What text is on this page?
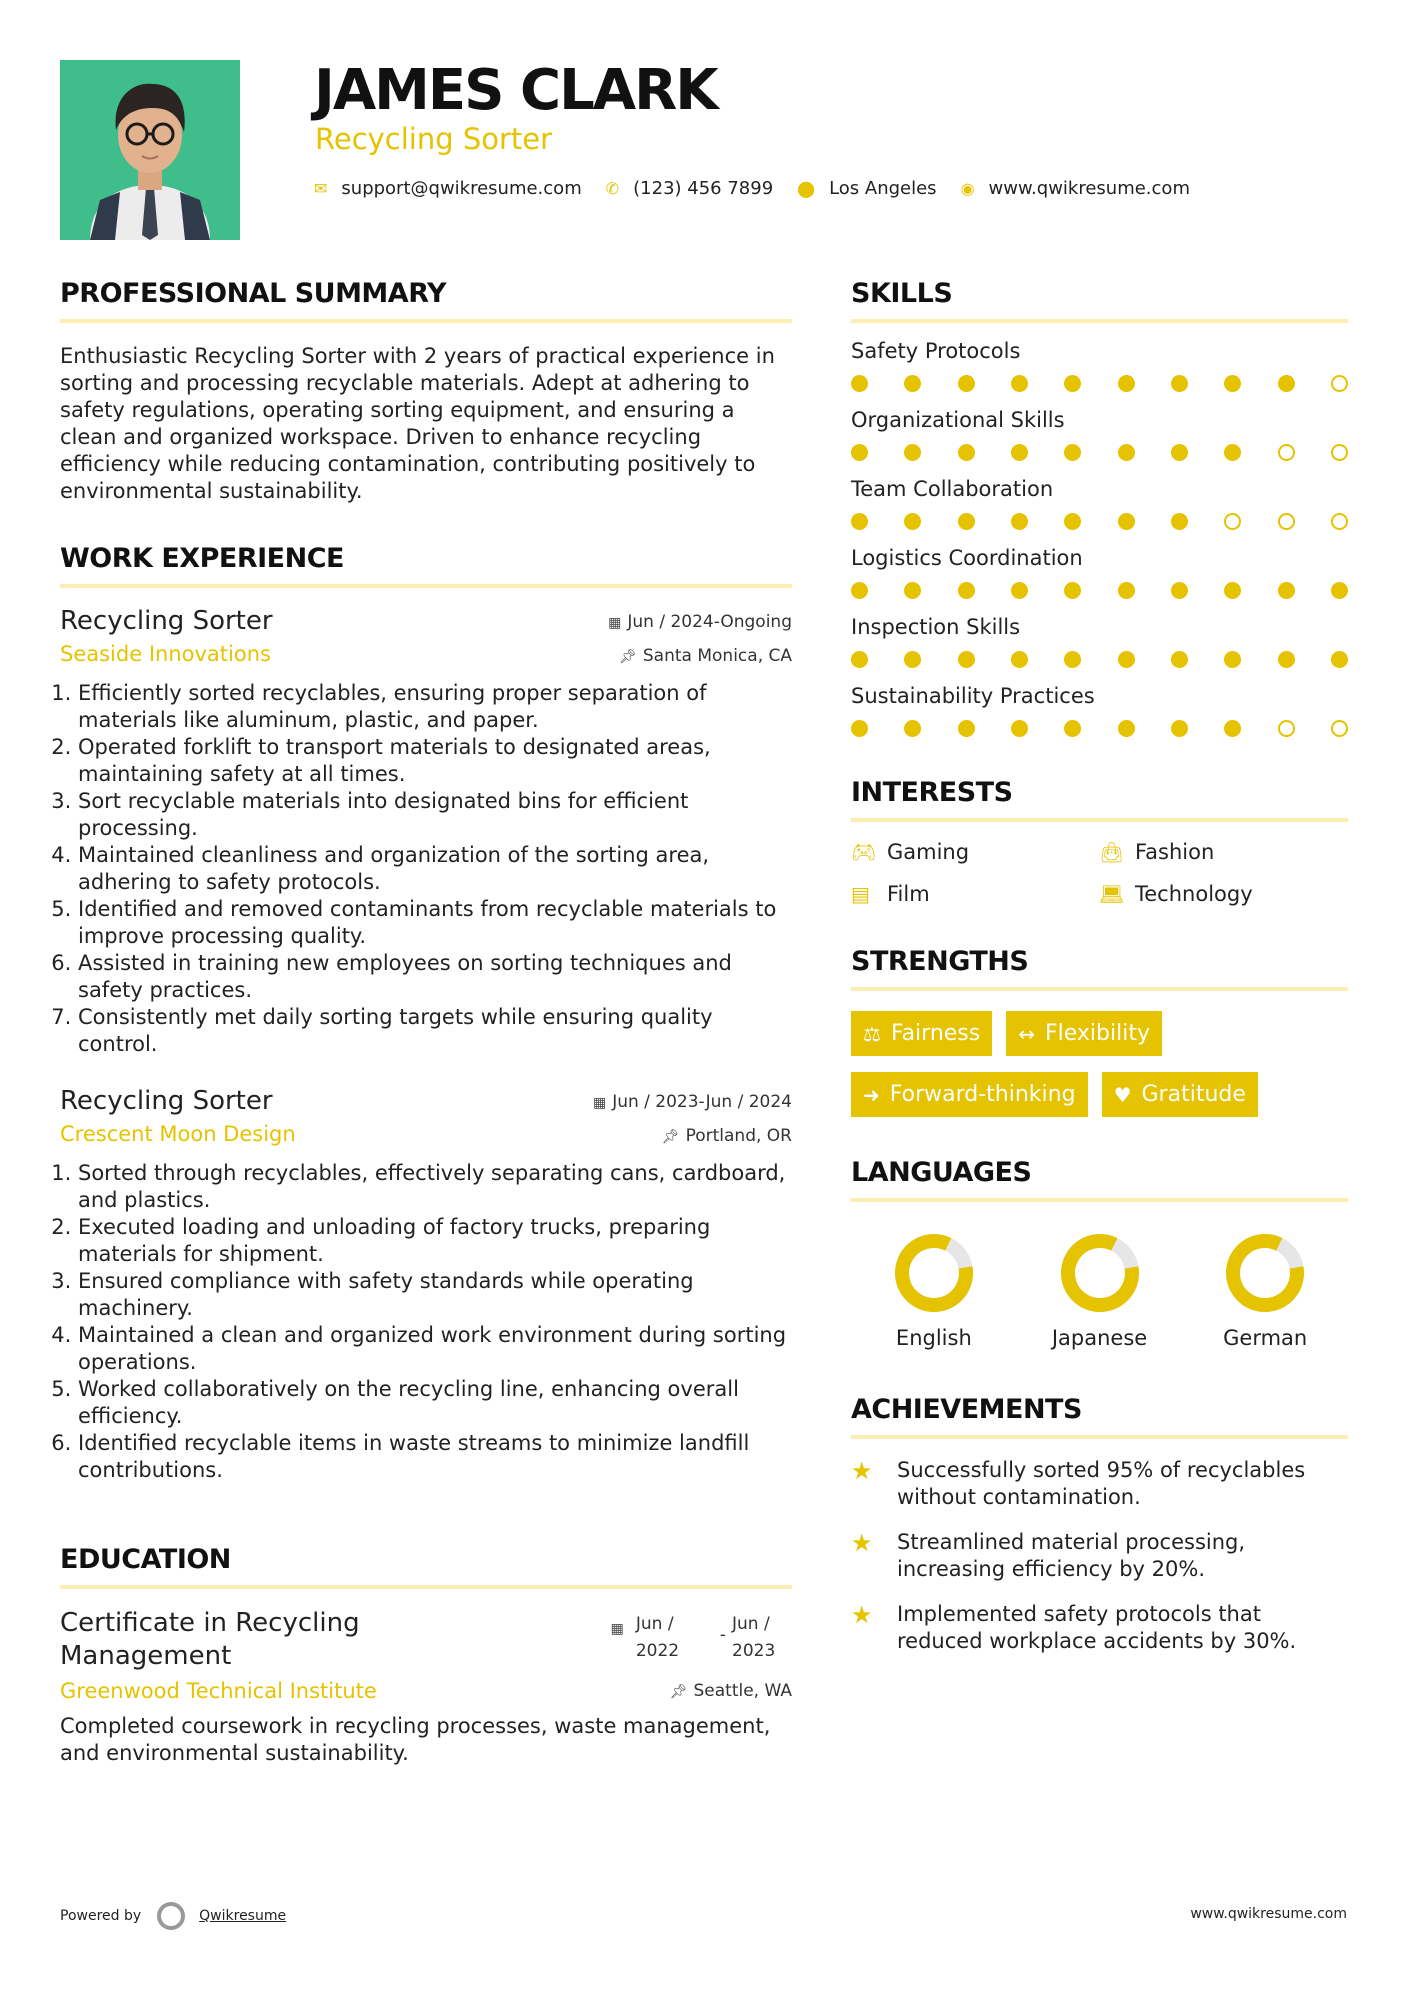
JAMES CLARK
Recycling Sorter
✉ support@qwikresume.com ✆ (123) 456 7899 ⬤ Los Angeles ◉ www.qwikresume.com
PROFESSIONAL SUMMARY

Enthusiastic Recycling Sorter with 2 years of practical experience in sorting and processing recyclable materials. Adept at adhering to safety regulations, operating sorting equipment, and ensuring a clean and organized workspace. Driven to enhance recycling efficiency while reducing contamination, contributing positively to environmental sustainability.

WORK EXPERIENCE
Recycling Sorter	▦ Jun / 2024-Ongoing
Seaside Innovations	📌︎ Santa Monica, CA
1. Efficiently sorted recyclables, ensuring proper separation of materials like aluminum, plastic, and paper.
2. Operated forklift to transport materials to designated areas, maintaining safety at all times.
3. Sort recyclable materials into designated bins for efficient processing.
4. Maintained cleanliness and organization of the sorting area, adhering to safety protocols.
5. Identified and removed contaminants from recyclable materials to improve processing quality.
6. Assisted in training new employees on sorting techniques and safety practices.
7. Consistently met daily sorting targets while ensuring quality control.
Recycling Sorter	▦ Jun / 2023-Jun / 2024
Crescent Moon Design	📌︎ Portland, OR
1. Sorted through recyclables, effectively separating cans, cardboard, and plastics.
2. Executed loading and unloading of factory trucks, preparing materials for shipment.
3. Ensured compliance with safety standards while operating machinery.
4. Maintained a clean and organized work environment during sorting operations.
5. Worked collaboratively on the recycling line, enhancing overall efficiency.
6. Identified recyclable items in waste streams to minimize landfill contributions.
EDUCATION
Certificate in Recycling Management
▦ Jun / 2022
-
Jun / 2023
Greenwood Technical Institute	📌︎ Seattle, WA

Completed coursework in recycling processes, waste management, and environmental sustainability.

SKILLS
Safety Protocols
Organizational Skills
Team Collaboration
Logistics Coordination
Inspection Skills
Sustainability Practices
INTERESTS
🎮︎ Gaming	👜︎ Fashion
▤ Film	💻︎ Technology
STRENGTHS
⚖ Fairness ↔ Flexibility
➜ Forward-thinking ♥ Gratitude
LANGUAGES
English	Japanese	German
ACHIEVEMENTS
★	Successfully sorted 95% of recyclables without contamination.
★	Streamlined material processing, increasing efficiency by 20%.
★	Implemented safety protocols that reduced workplace accidents by 30%.
Powered by	Qwikresume	www.qwikresume.com
